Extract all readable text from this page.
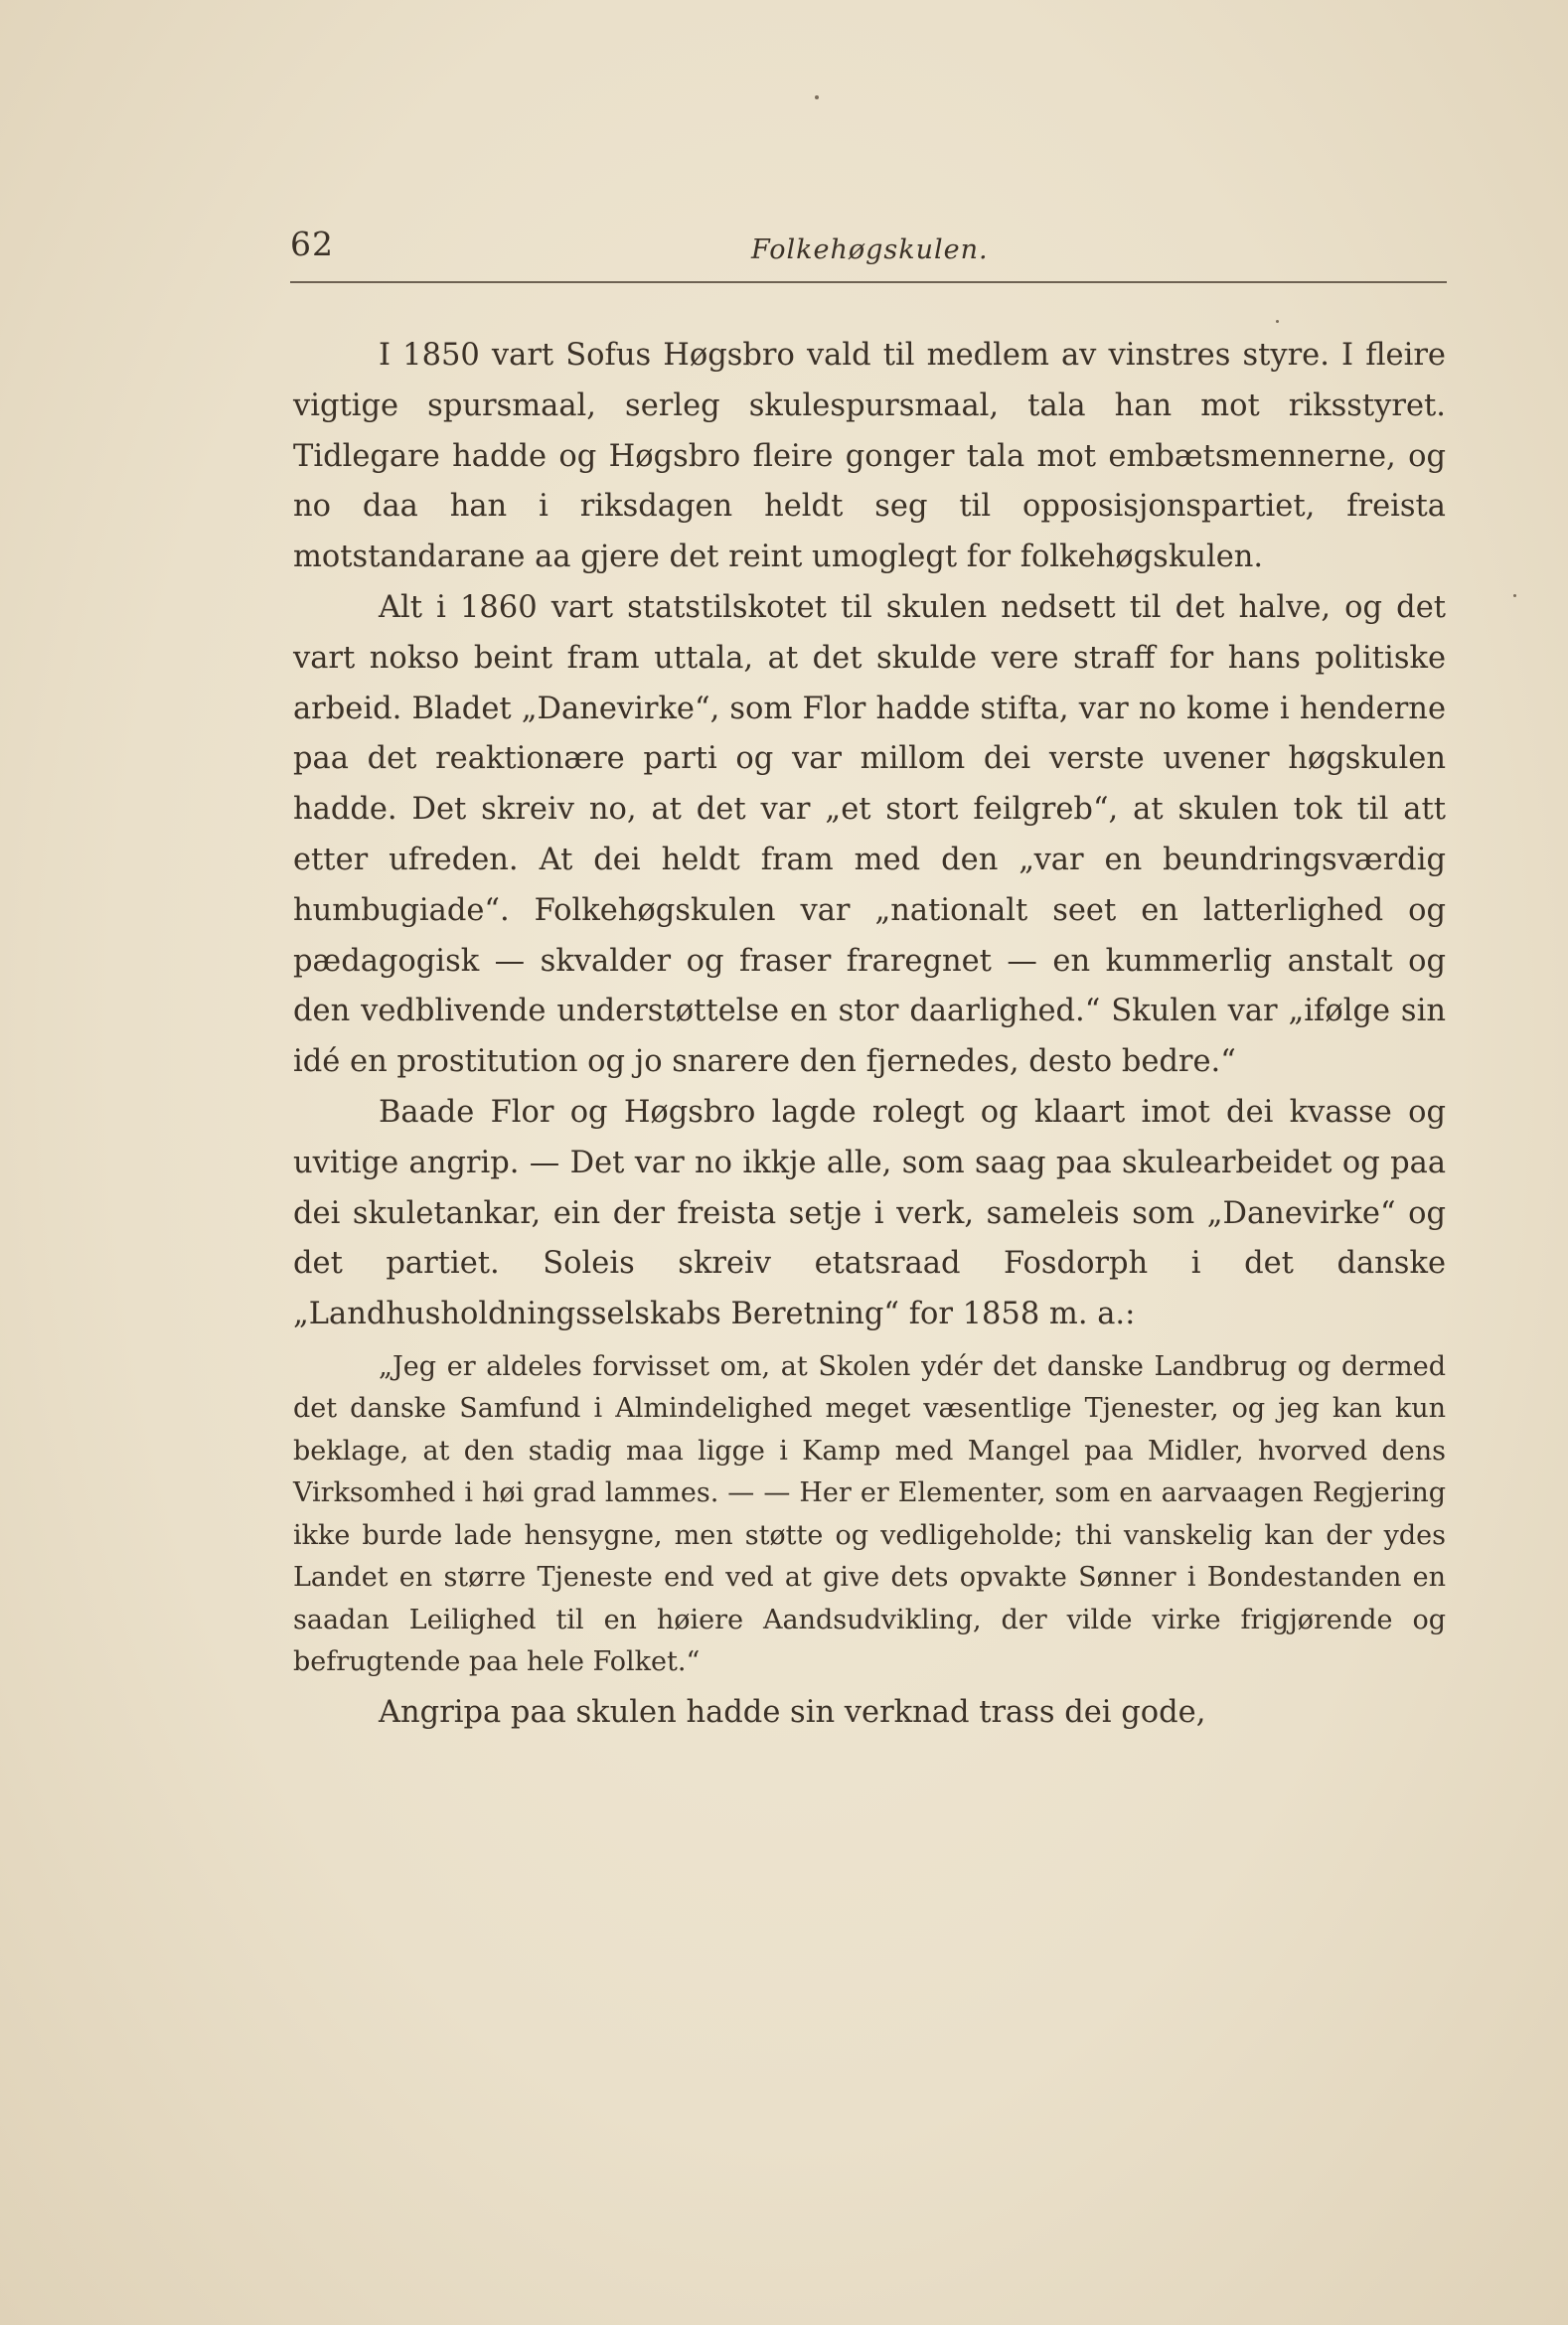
62	Folkehøgskulen.

I 1850 vart Sofus Høgsbro vald til medlem av vinstres styre. I fleire vigtige spursmaal, serleg skulespursmaal, tala han mot riksstyret. Tidlegare hadde og Høgsbro fleire gonger tala mot embætsmennerne, og no daa han i riksdagen heldt seg til opposisjonspartiet, freista motstandarane aa gjere det reint umoglegt for folkehøgskulen.

Alt i 1860 vart statstilskotet til skulen nedsett til det halve, og det vart nokso beint fram uttala, at det skulde vere straff for hans politiske arbeid. Bladet „Danevirke“, som Flor hadde stifta, var no kome i henderne paa det reaktionære parti og var millom dei verste uvener høgskulen hadde. Det skreiv no, at det var „et stort feilgreb“, at skulen tok til att etter ufreden. At dei heldt fram med den „var en beundringsværdig humbugiade“. Folkehøgskulen var „nationalt seet en latterlighed og pædagogisk — skvalder og fraser fraregnet — en kummerlig anstalt og den vedblivende understøttelse en stor daarlighed.“ Skulen var „ifølge sin idé en prostitution og jo snarere den fjernedes, desto bedre.“

Baade Flor og Høgsbro lagde rolegt og klaart imot dei kvasse og uvitige angrip. — Det var no ikkje alle, som saag paa skulearbeidet og paa dei skuletankar, ein der freista setje i verk, sameleis som „Danevirke“ og det partiet. Soleis skreiv etatsraad Fosdorph i det danske „Landhusholdningsselskabs Beretning“ for 1858 m. a.:

„Jeg er aldeles forvisset om, at Skolen ydér det danske Landbrug og dermed det danske Samfund i Almindelighed meget væsentlige Tjenester, og jeg kan kun beklage, at den stadig maa ligge i Kamp med Mangel paa Midler, hvorved dens Virksomhed i høi grad lammes. — — Her er Elementer, som en aarvaagen Regjering ikke burde lade hensygne, men støtte og vedligeholde; thi vanskelig kan der ydes Landet en større Tjeneste end ved at give dets opvakte Sønner i Bondestanden en saadan Leilighed til en høiere Aandsudvikling, der vilde virke frigjørende og befrugtende paa hele Folket.“

Angripa paa skulen hadde sin verknad trass dei gode,
